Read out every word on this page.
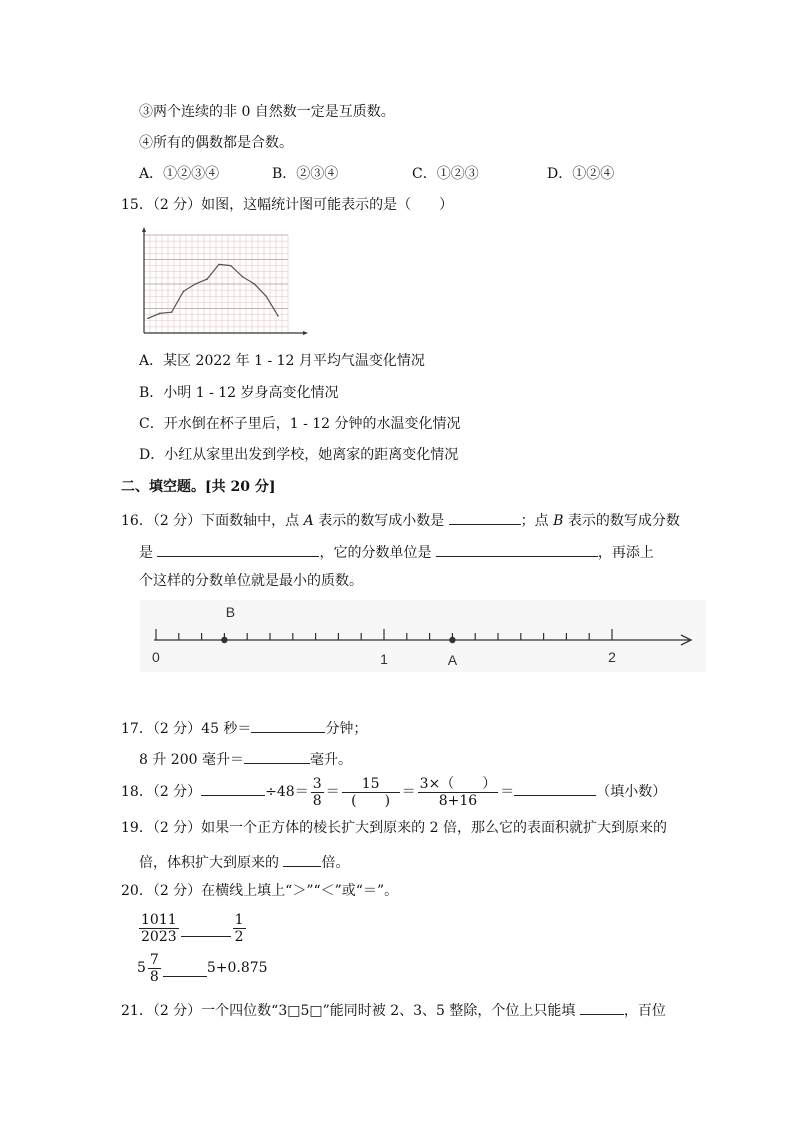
③两个连续的非 0 自然数一定是互质数。
④所有的偶数都是合数。
A．①②③④	B．②③④	C．①②③	D．①②④
15．（2 分）如图，这幅统计图可能表示的是（　　）
A．某区 2022 年 1 - 12 月平均气温变化情况
B．小明 1 - 12 岁身高变化情况
C．开水倒在杯子里后，1 - 12 分钟的水温变化情况
D．小红从家里出发到学校，她离家的距离变化情况
二、填空题。[共 20 分]
16．（2 分）下面数轴中，点 A 表示的数写成小数是	；点 B 表示的数写成分数
是	，它的分数单位是	，再添上
个这样的分数单位就是最小的质数。
0	1	2
A
B
17．（2 分）45 秒＝	分钟；
8 升 200 毫升＝	毫升。
18．（2 分）	$\div 48= \frac{3}{8} = \frac{15}{( )} = \frac{3\times( )}{8+16}$ ＝	（填小数）
19．（2 分）如果一个正方体的棱长扩大到原来的 2 倍，那么它的表面积就扩大到原来的
倍，体积扩大到原来的	倍。
20．（2 分）在横线上填上“＞”“＜”或“＝”。
$\frac{1011}{2023}$	$\frac{1}{2}$
$5 \frac{7}{8}$	5+0.875
21．（2 分）一个四位数“3□5□”能同时被 2、3、5 整除，个位上只能填	，百位
